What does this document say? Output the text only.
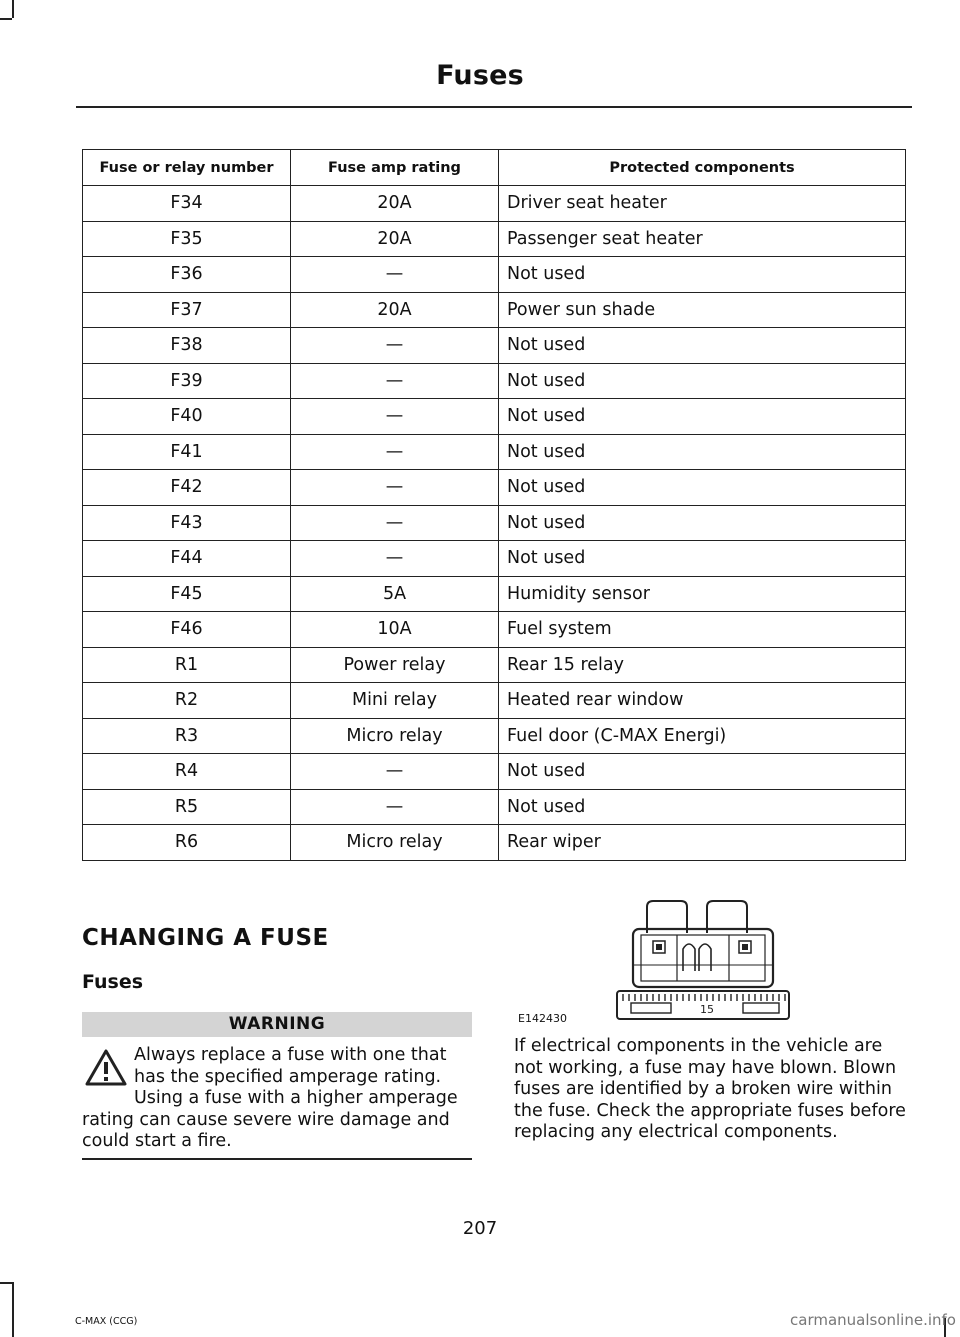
Fuses
Fuse or relay number	Fuse amp rating	Protected components
F34	20A	Driver seat heater
F35	20A	Passenger seat heater
F36	—	Not used
F37	20A	Power sun shade
F38	—	Not used
F39	—	Not used
F40	—	Not used
F41	—	Not used
F42	—	Not used
F43	—	Not used
F44	—	Not used
F45	5A	Humidity sensor
F46	10A	Fuel system
R1	Power relay	Rear 15 relay
R2	Mini relay	Heated rear window
R3	Micro relay	Fuel door (C-MAX Energi)
R4	—	Not used
R5	—	Not used
R6	Micro relay	Rear wiper
CHANGING A FUSE
Fuses
WARNING
Always replace a fuse with one that has the specified amperage rating. Using a fuse with a higher amperage rating can cause severe wire damage and could start a fire.
15
E142430
If electrical components in the vehicle are not working, a fuse may have blown. Blown fuses are identified by a broken wire within the fuse. Check the appropriate fuses before replacing any electrical components.
207
C-MAX (CCG)	carmanualsonline.info
